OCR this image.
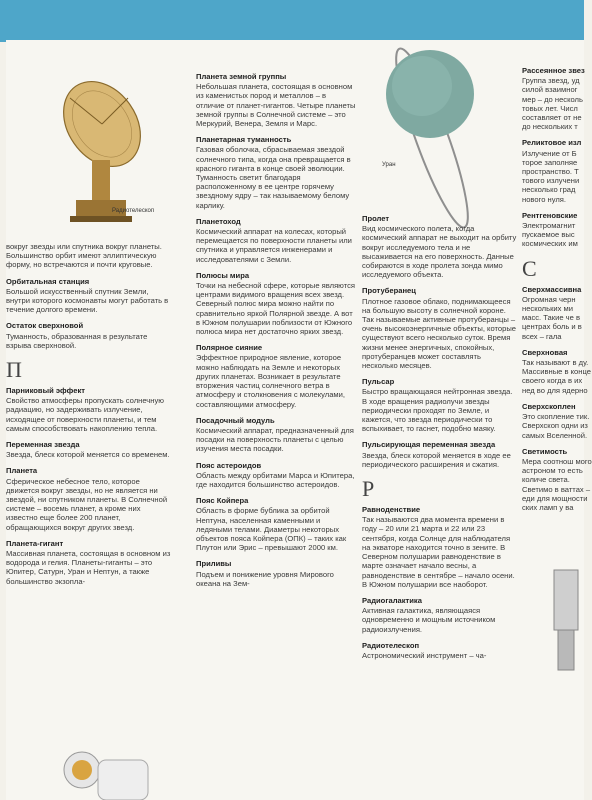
Радиотелескоп
Уран
вокруг звезды или спутника вокруг планеты. Большинство орбит имеют эллиптическую форму, но встречаются и почти круговые.
Орбитальная станция
Большой искусственный спутник Земли, внутри которого космонавты могут работать в течение долгого времени.
Остаток сверхновой
Туманность, образованная в результате взрыва сверхновой.
П
Парниковый эффект
Свойство атмосферы пропускать солнечную радиацию, но задерживать излучение, исходящее от поверхности планеты, и тем самым способствовать накоплению тепла.
Переменная звезда
Звезда, блеск которой меняется со временем.
Планета
Сферическое небесное тело, которое движется вокруг звезды, но не является ни звездой, ни спутником планеты. В Солнечной системе – восемь планет, а кроме них известно еще более 200 планет, обращающихся вокруг других звезд.
Планета-гигант
Массивная планета, состоящая в основном из водорода и гелия. Планеты-гиганты – это Юпитер, Сатурн, Уран и Нептун, а также большинство экзопла-
Планета земной группы
Небольшая планета, состоящая в основном из каменистых пород и металлов – в отличие от планет-гигантов. Четыре планеты земной группы в Солнечной системе – это Меркурий, Венера, Земля и Марс.
Планетарная туманность
Газовая оболочка, сбрасываемая звездой солнечного типа, когда она превращается в красного гиганта в конце своей эволюции. Туманность светит благодаря расположенному в ее центре горячему звездному ядру – так называемому белому карлику.
Планетоход
Космический аппарат на колесах, который перемещается по поверхности планеты или спутника и управляется инженерами и исследователями с Земли.
Полюсы мира
Точки на небесной сфере, которые являются центрами видимого вращения всех звезд. Северный полюс мира можно найти по сравнительно яркой Полярной звезде. А вот в Южном полушарии поблизости от Южного полюса мира нет достаточно ярких звезд.
Полярное сияние
Эффектное природное явление, которое можно наблюдать на Земле и некоторых других планетах. Возникает в результате вторжения частиц солнечного ветра в атмосферу и столкновения с молекулами, составляющими атмосферу.
Посадочный модуль
Космический аппарат, предназначенный для посадки на поверхность планеты с целью изучения места посадки.
Пояс астероидов
Область между орбитами Марса и Юпитера, где находится большинство астероидов.
Пояс Койпера
Область в форме бублика за орбитой Нептуна, населенная каменными и ледяными телами. Диаметры некоторых объектов пояса Койпера (ОПК) – таких как Плутон или Эрис – превышают 2000 км.
Приливы
Подъем и понижение уровня Мирового океана на Зем-
Пролет
Вид космического полета, когда космический аппарат не выходит на орбиту вокруг исследуемого тела и не высаживается на его поверхность. Данные собираются в ходе пролета зонда мимо исследуемого объекта.
Протуберанец
Плотное газовое облако, поднимающееся на большую высоту в солнечной короне. Так называемые активные протуберанцы – очень высокоэнергичные объекты, которые существуют всего несколько суток. Время жизни менее энергичных, спокойных, протуберанцев может составлять несколько месяцев.
Пульсар
Быстро вращающаяся нейтронная звезда. В ходе вращения радиолучи звезды периодически проходят по Земле, и кажется, что звезда периодически то вспыхивает, то гаснет, подобно маяку.
Пульсирующая переменная звезда
Звезда, блеск которой меняется в ходе ее периодического расширения и сжатия.
Р
Равноденствие
Так называются два момента времени в году – 20 или 21 марта и 22 или 23 сентября, когда Солнце для наблюдателя на экваторе находится точно в зените. В Северном полушарии равноденствие в марте означает начало весны, а равноденствие в сентябре – начало осени. В Южном полушарии все наоборот.
Радиогалактика
Активная галактика, являющаяся одновременно и мощным источником радиоизлучения.
Радиотелескоп
Астрономический инструмент – ча-
Рассеянное звез
Группа звезд, уд силой взаимног мер – до несколь товых лет. Числ составляет от не до нескольких т
Реликтовое изл
Излучение от Б торое заполняе пространство. Т тового излучени несколько град нового нуля.
Рентгеновские
Электромагнит пускаемое выс космических им
С
Сверхмассивна
Огромная черн нескольких ми масс. Такие че в центрах боль и в всех – гала
Сверхновая
Так называют в ду. Массивные в конце своего когда в их нед во для ядерно
Сверхскоплен
Это скопление тик. Сверхскоп одни из самых Вселенной.
Светимость
Мера соотнош мого астроном то есть количе света. Светимо в ваттах – еди для мощности ских ламп у ва
